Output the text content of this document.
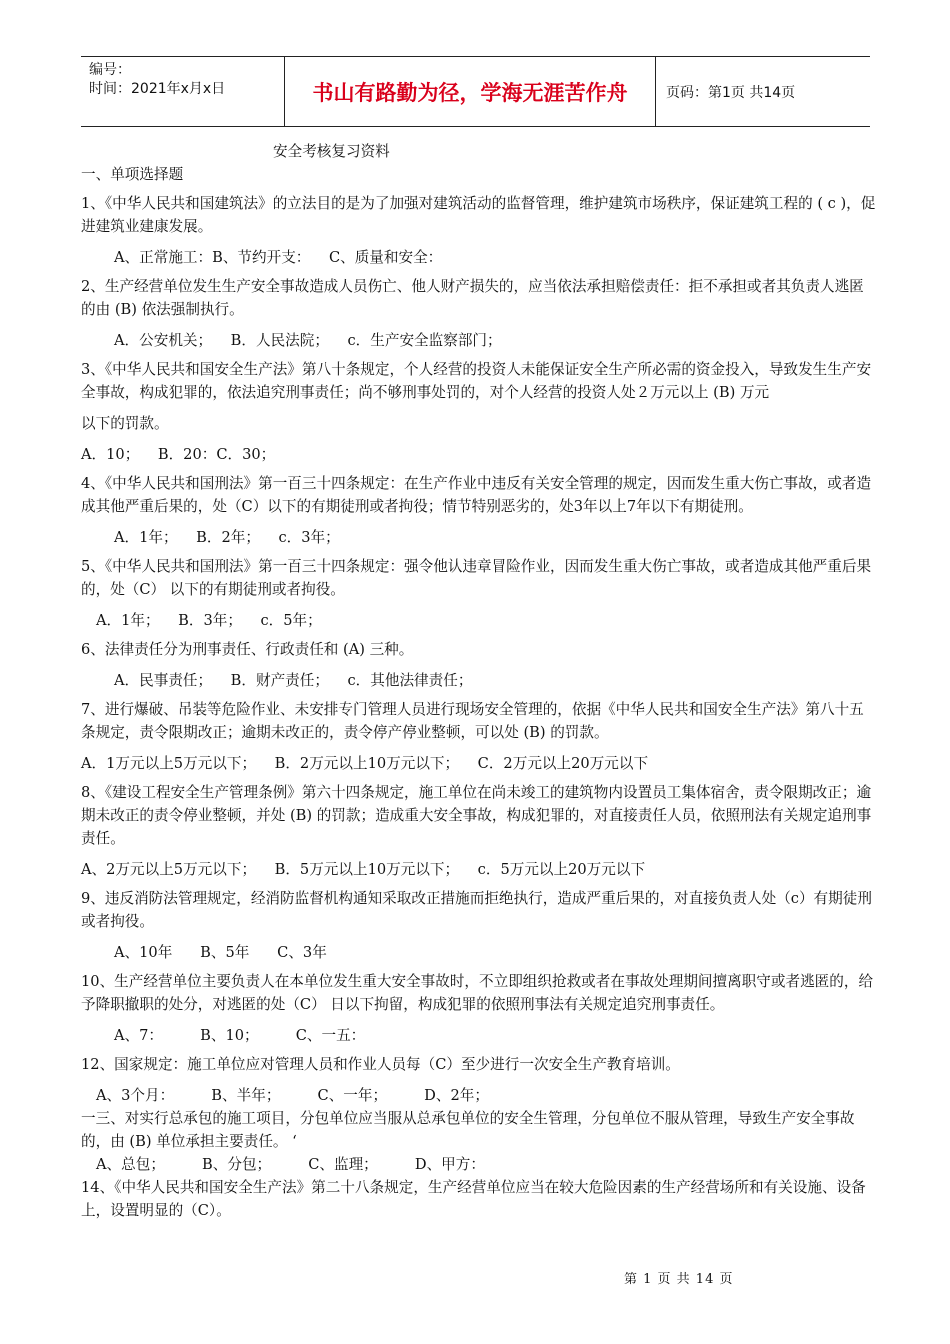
编号：
时间：2021年x月x日	书山有路勤为径，学海无涯苦作舟	页码：第1页 共14页

安全考核复习资料

一、单项选择题

1、《中华人民共和国建筑法》的立法目的是为了加强对建筑活动的监督管理，维护建筑市场秩序，保证建筑工程的 ( c )，促进建筑业建康发展。

A、正常施工：B、节约开支：    C、质量和安全：

2、生产经营单位发生生产安全事故造成人员伤亡、他人财产损失的，应当依法承担赔偿责任：拒不承担或者其负责人逃匿的由 (B) 依法强制执行。

A．公安机关；    B．人民法院；    c．生产安全监察部门；

3、《中华人民共和国安全生产法》第八十条规定，个人经营的投资人未能保证安全生产所必需的资金投入，导致发生生产安全事故，构成犯罪的，依法追究刑事责任；尚不够刑事处罚的，对个人经营的投资人处２万元以上 (B) 万元

以下的罚款。

A．10；    B．20：C．30；

4、《中华人民共和国刑法》第一百三十四条规定：在生产作业中违反有关安全管理的规定，因而发生重大伤亡事故，或者造成其他严重后果的，处（C）以下的有期徒刑或者拘役；情节特别恶劣的，处3年以上7年以下有期徒刑。

A．1年；    B．2年；    c．3年；

5、《中华人民共和国刑法》第一百三十四条规定：强令他认违章冒险作业，因而发生重大伤亡事故，或者造成其他严重后果的，处（C） 以下的有期徒刑或者拘役。

A．1年；    B．3年；    c．5年；

6、法律责任分为刑事责任、行政责任和 (A) 三种。

A．民事责任；    B．财产责任；    c．其他法律责任；

7、进行爆破、吊装等危险作业、未安排专门管理人员进行现场安全管理的，依据《中华人民共和国安全生产法》第八十五条规定，责令限期改正；逾期未改正的，责令停产停业整顿，可以处 (B) 的罚款。

A．1万元以上5万元以下；    B．2万元以上10万元以下；    C．2万元以上20万元以下

8、《建设工程安全生产管理条例》第六十四条规定，施工单位在尚未竣工的建筑物内设置员工集体宿舍，责令限期改正；逾期未改正的责令停业整顿，并处 (B) 的罚款；造成重大安全事故，构成犯罪的，对直接责任人员，依照刑法有关规定追刑事责任。

A、2万元以上5万元以下；    B．5万元以上10万元以下；    c．5万元以上20万元以下

9、违反消防法管理规定，经消防监督机构通知采取改正措施而拒绝执行，造成严重后果的，对直接负责人处（c）有期徒刑或者拘役。

A、10年      B、5年      C、3年

10、生产经营单位主要负责人在本单位发生重大安全事故时，不立即组织抢救或者在事故处理期间擅离职守或者逃匿的，给予降职撤职的处分，对逃匿的处（C） 日以下拘留，构成犯罪的依照刑事法有关规定追究刑事责任。

A、7：        B、10；        C、一五：

12、国家规定：施工单位应对管理人员和作业人员每（C）至少进行一次安全生产教育培训。

A、3个月：        B、半年；        C、一年；        D、2年；

一三、对实行总承包的施工项目，分包单位应当服从总承包单位的安全生管理，分包单位不服从管理，导致生产安全事故的，由 (B) 单位承担主要责任。 ‘

A、总包；        B、分包；        C、监理；        D、甲方：

14、《中华人民共和国安全生产法》第二十八条规定，生产经营单位应当在较大危险因素的生产经营场所和有关设施、设备上，设置明显的（C）。

第 1 页 共 14 页
